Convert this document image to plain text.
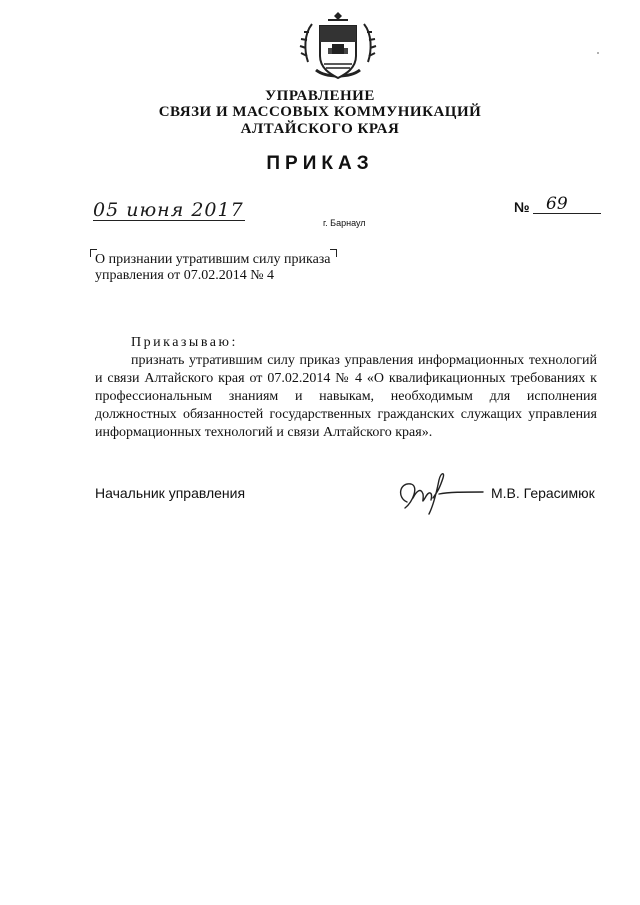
УПРАВЛЕНИЕ
СВЯЗИ И МАССОВЫХ КОММУНИКАЦИЙ
АЛТАЙСКОГО КРАЯ
ПРИКАЗ
05 июня 2017
г. Барнаул
№ 69
О признании утратившим силу приказа управления от 07.02.2014 № 4
Приказываю:
признать утратившим силу приказ управления информационных технологий и связи Алтайского края от 07.02.2014 № 4 «О квалификационных требованиях к профессиональным знаниям и навыкам, необходимым для исполнения должностных обязанностей государственных гражданских служащих управления информационных технологий и связи Алтайского края».
Начальник управления	М.В. Герасимюк
